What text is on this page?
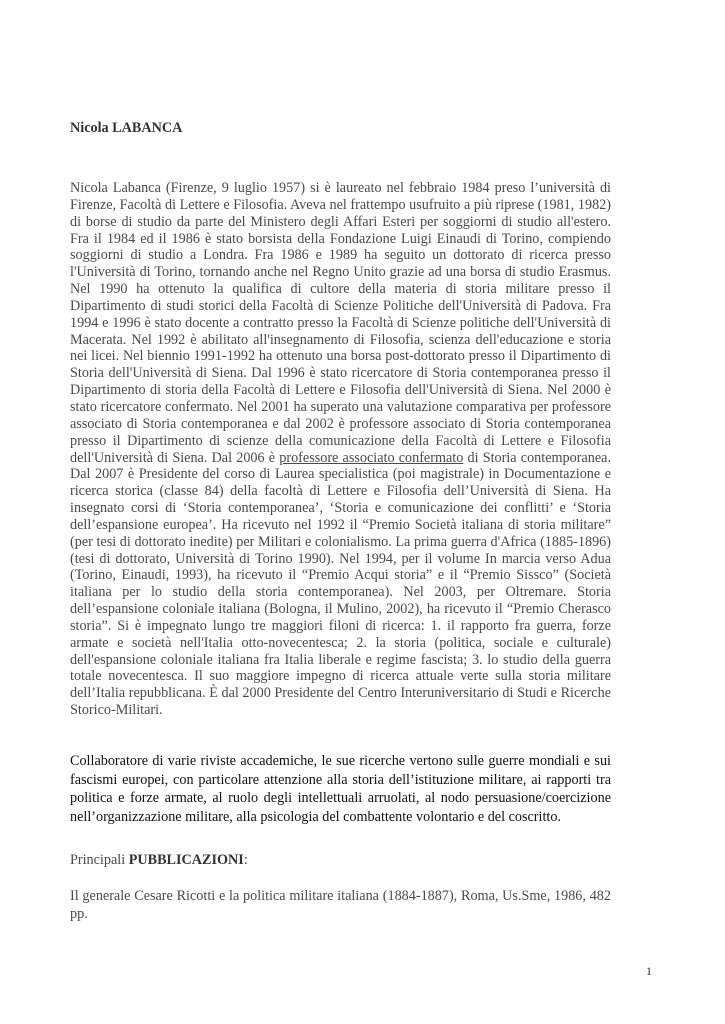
Nicola LABANCA

Nicola Labanca (Firenze, 9 luglio 1957) si è laureato nel febbraio 1984 preso l’università di Firenze, Facoltà di Lettere e Filosofia. Aveva nel frattempo usufruito a più riprese (1981, 1982) di borse di studio da parte del Ministero degli Affari Esteri per soggiorni di studio all'estero. Fra il 1984 ed il 1986 è stato borsista della Fondazione Luigi Einaudi di Torino, compiendo soggiorni di studio a Londra. Fra 1986 e 1989 ha seguito un dottorato di ricerca presso l'Università di Torino, tornando anche nel Regno Unito grazie ad una borsa di studio Erasmus. Nel 1990 ha ottenuto la qualifica di cultore della materia di storia militare presso il Dipartimento di studi storici della Facoltà di Scienze Politiche dell'Università di Padova. Fra 1994 e 1996 è stato docente a contratto presso la Facoltà di Scienze politiche dell'Università di Macerata. Nel 1992 è abilitato all'insegnamento di Filosofia, scienza dell'educazione e storia nei licei. Nel biennio 1991-1992 ha ottenuto una borsa post-dottorato presso il Dipartimento di Storia dell'Università di Siena. Dal 1996 è stato ricercatore di Storia contemporanea presso il Dipartimento di storia della Facoltà di Lettere e Filosofia dell'Università di Siena. Nel 2000 è stato ricercatore confermato. Nel 2001 ha superato una valutazione comparativa per professore associato di Storia contemporanea e dal 2002 è professore associato di Storia contemporanea presso il Dipartimento di scienze della comunicazione della Facoltà di Lettere e Filosofia dell'Università di Siena. Dal 2006 è professore associato confermato di Storia contemporanea. Dal 2007 è Presidente del corso di Laurea specialistica (poi magistrale) in Documentazione e ricerca storica (classe 84) della facoltà di Lettere e Filosofia dell’Università di Siena. Ha insegnato corsi di ‘Storia contemporanea’, ‘Storia e comunicazione dei conflitti’ e ‘Storia dell’espansione europea’. Ha ricevuto nel 1992 il “Premio Società italiana di storia militare” (per tesi di dottorato inedite) per Militari e colonialismo. La prima guerra d'Africa (1885-1896) (tesi di dottorato, Università di Torino 1990). Nel 1994, per il volume In marcia verso Adua (Torino, Einaudi, 1993), ha ricevuto il “Premio Acqui storia” e il “Premio Sissco” (Società italiana per lo studio della storia contemporanea). Nel 2003, per Oltremare. Storia dell’espansione coloniale italiana (Bologna, il Mulino, 2002), ha ricevuto il “Premio Cherasco storia”. Si è impegnato lungo tre maggiori filoni di ricerca: 1. il rapporto fra guerra, forze armate e società nell'Italia otto-novecentesca; 2. la storia (politica, sociale e culturale) dell'espansione coloniale italiana fra Italia liberale e regime fascista; 3. lo studio della guerra totale novecentesca. Il suo maggiore impegno di ricerca attuale verte sulla storia militare dell’Italia repubblicana. È dal 2000 Presidente del Centro Interuniversitario di Studi e Ricerche Storico-Militari.

Collaboratore di varie riviste accademiche, le sue ricerche vertono sulle guerre mondiali e sui fascismi europei, con particolare attenzione alla storia dell’istituzione militare, ai rapporti tra politica e forze armate, al ruolo degli intellettuali arruolati, al nodo persuasione/coercizione nell’organizzazione militare, alla psicologia del combattente volontario e del coscritto.

Principali PUBBLICAZIONI:

Il generale Cesare Ricotti e la politica militare italiana (1884-1887), Roma, Us.Sme, 1986, 482 pp.

1
